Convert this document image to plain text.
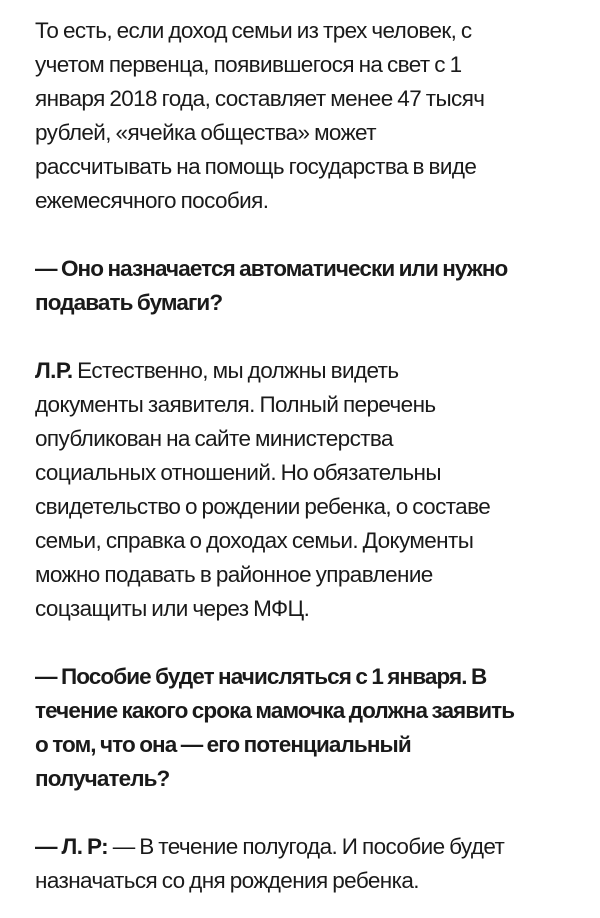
То есть, если доход семьи из трех человек, с
учетом первенца, появившегося на свет с 1
января 2018 года, составляет менее 47 тысяч
рублей, «ячейка общества» может
рассчитывать на помощь государства в виде
ежемесячного пособия.

— Оно назначается автоматически или нужно
подавать бумаги?

Л.Р. Естественно, мы должны видеть
документы заявителя. Полный перечень
опубликован на сайте министерства
социальных отношений. Но обязательны
свидетельство о рождении ребенка, о составе
семьи, справка о доходах семьи. Документы
можно подавать в районное управление
соцзащиты или через МФЦ.

— Пособие будет начисляться с 1 января. В
течение какого срока мамочка должна заявить
о том, что она — его потенциальный
получатель?

— Л. Р: — В течение полугода. И пособие будет
назначаться со дня рождения ребенка.
